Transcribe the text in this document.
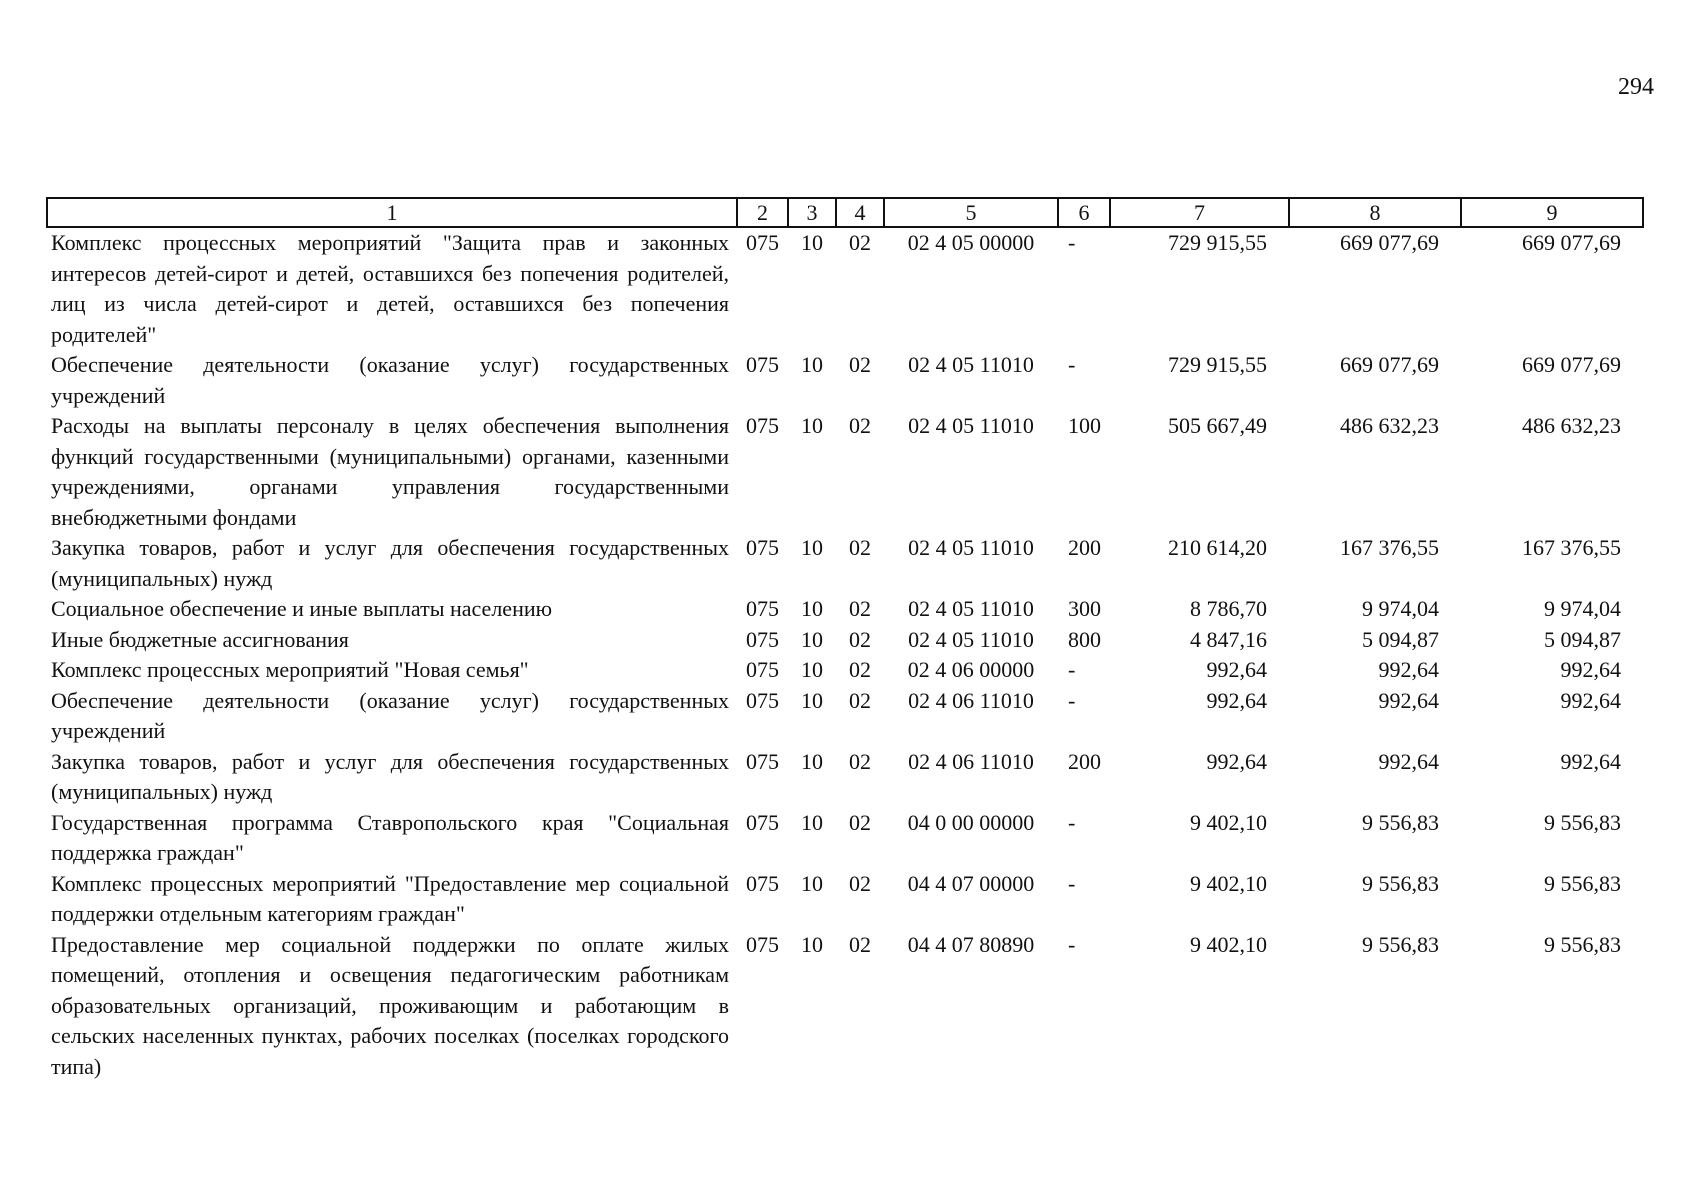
294
1	2	3	4	5	6	7	8	9
Комплекс процессных мероприятий "Защита прав и законных интересов детей-сирот и детей, оставшихся без попечения родителей, лиц из числа детей-сирот и детей, оставшихся без попечения родителей"	075	10	02	02 4 05 00000	-	729 915,55	669 077,69	669 077,69
Обеспечение деятельности (оказание услуг) государственных учреждений	075	10	02	02 4 05 11010	-	729 915,55	669 077,69	669 077,69
Расходы на выплаты персоналу в целях обеспечения выполнения функций государственными (муниципальными) органами, казенными учреждениями, органами управления государственными внебюджетными фондами	075	10	02	02 4 05 11010	100	505 667,49	486 632,23	486 632,23
Закупка товаров, работ и услуг для обеспечения государственных (муниципальных) нужд	075	10	02	02 4 05 11010	200	210 614,20	167 376,55	167 376,55
Социальное обеспечение и иные выплаты населению	075	10	02	02 4 05 11010	300	8 786,70	9 974,04	9 974,04
Иные бюджетные ассигнования	075	10	02	02 4 05 11010	800	4 847,16	5 094,87	5 094,87
Комплекс процессных мероприятий "Новая семья"	075	10	02	02 4 06 00000	-	992,64	992,64	992,64
Обеспечение деятельности (оказание услуг) государственных учреждений	075	10	02	02 4 06 11010	-	992,64	992,64	992,64
Закупка товаров, работ и услуг для обеспечения государственных (муниципальных) нужд	075	10	02	02 4 06 11010	200	992,64	992,64	992,64
Государственная программа Ставропольского края "Социальная поддержка граждан"	075	10	02	04 0 00 00000	-	9 402,10	9 556,83	9 556,83
Комплекс процессных мероприятий "Предоставление мер социальной поддержки отдельным категориям граждан"	075	10	02	04 4 07 00000	-	9 402,10	9 556,83	9 556,83
Предоставление мер социальной поддержки по оплате жилых помещений, отопления и освещения педагогическим работникам образовательных организаций, проживающим и работающим в сельских населенных пунктах, рабочих поселках (поселках городского типа)	075	10	02	04 4 07 80890	-	9 402,10	9 556,83	9 556,83
